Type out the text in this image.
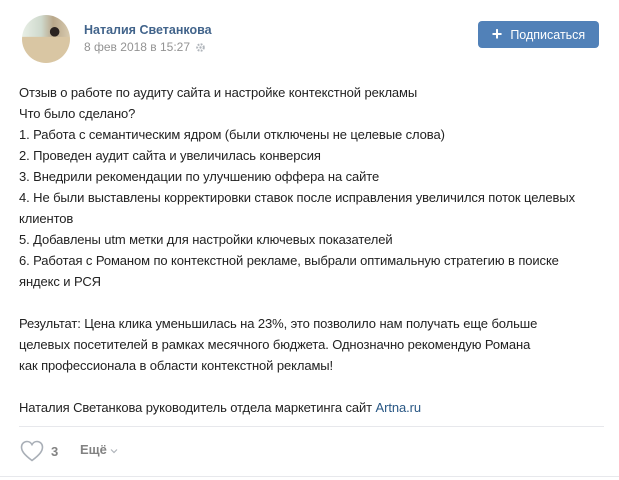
Наталия Светанкова
8 фев 2018 в 15:27
+ Подписаться

Отзыв о работе по аудиту сайта и настройке контекстной рекламы

Что было сделано?

1. Работа с семантическим ядром (были отключены не целевые слова)

2. Проведен аудит сайта и увеличилась конверсия

3. Внедрили рекомендации по улучшению оффера на сайте

4. Не были выставлены корректировки ставок после исправления увеличился поток целевых клиентов

5. Добавлены utm метки для настройки ключевых показателей

6. Работая с Романом по контекстной рекламе, выбрали оптимальную стратегию в поиске яндекс и РСЯ

Результат: Цена клика уменьшилась на 23%, это позволило нам получать еще больше целевых посетителей в рамках месячного бюджета. Однозначно рекомендую Романа как профессионала в области контекстной рекламы!

Наталия Светанкова руководитель отдела маркетинга сайт Artna.ru

3 Ещё
